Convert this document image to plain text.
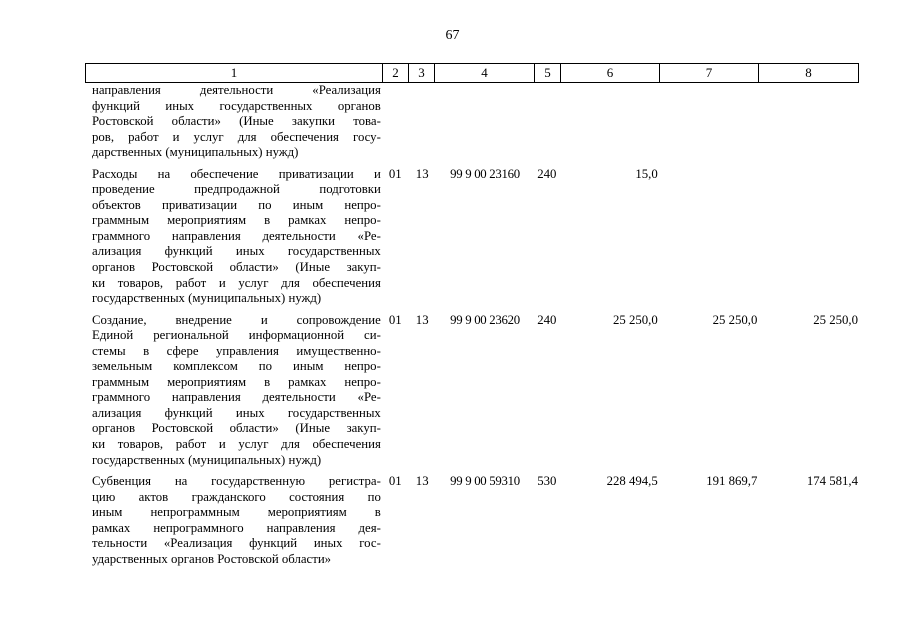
67
1	2	3	4	5	6	7	8
направления деятельности «Реализация
функций иных государственных органов
Ростовской области» (Иные закупки това-
ров, работ и услуг для обеспечения госу-
дарственных (муниципальных) нужд)
Расходы на обеспечение приватизации и
проведение предпродажной подготовки
объектов приватизации по иным непро-
граммным мероприятиям в рамках непро-
граммного направления деятельности «Ре-
ализация функций иных государственных
органов Ростовской области» (Иные закуп-
ки товаров, работ и услуг для обеспечения
государственных (муниципальных) нужд)
01	13	99 9 00 23160	240	15,0
Создание, внедрение и сопровождение
Единой региональной информационной си-
стемы в сфере управления имущественно-
земельным комплексом по иным непро-
граммным мероприятиям в рамках непро-
граммного направления деятельности «Ре-
ализация функций иных государственных
органов Ростовской области» (Иные закуп-
ки товаров, работ и услуг для обеспечения
государственных (муниципальных) нужд)
01	13	99 9 00 23620	240	25 250,0	25 250,0	25 250,0
Субвенция на государственную регистра-
цию актов гражданского состояния по
иным непрограммным мероприятиям в
рамках непрограммного направления дея-
тельности «Реализация функций иных гос-
ударственных органов Ростовской области»
01	13	99 9 00 59310	530	228 494,5	191 869,7	174 581,4
